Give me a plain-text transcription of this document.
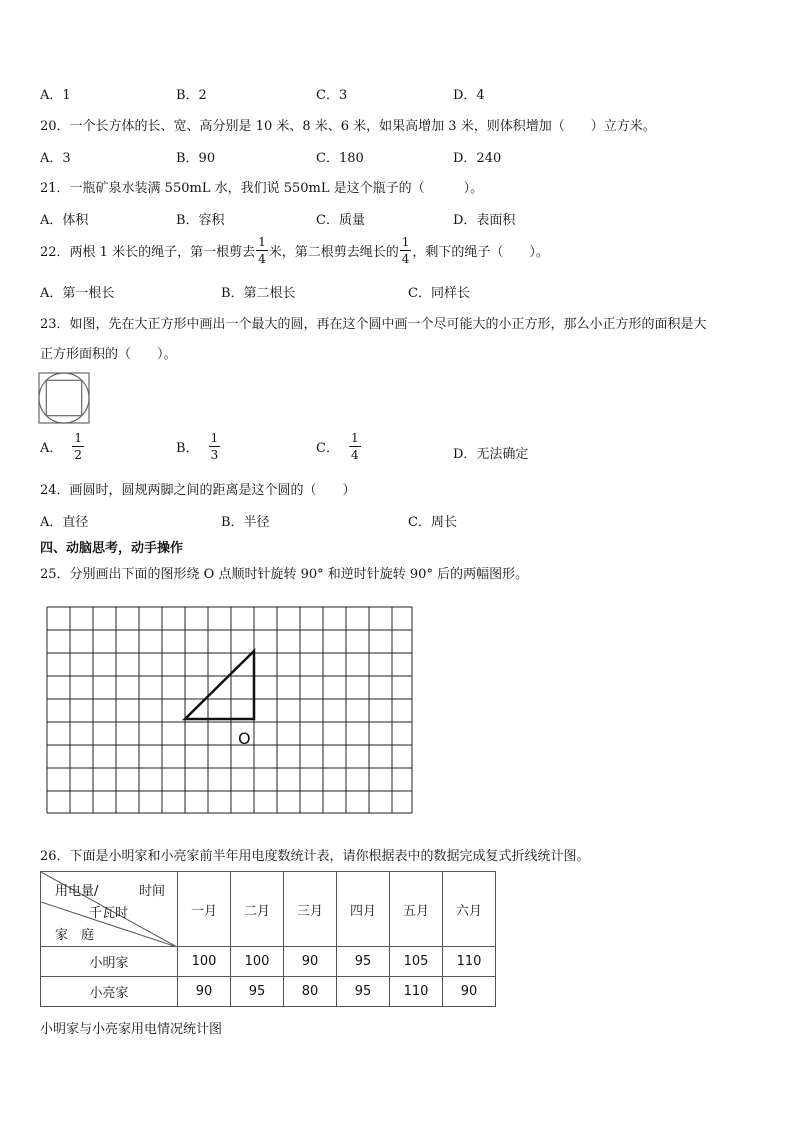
A．1	B．2	C．3	D．4
20．一个长方体的长、宽、高分别是 10 米、8 米、6 米，如果高增加 3 米，则体积增加（　　）立方米。
A．3	B．90	C．180	D．240
21．一瓶矿泉水装满 550mL 水，我们说 550mL 是这个瓶子的（　　　）。
A．体积	B．容积	C．质量	D．表面积
22．两根 1 米长的绳子，第一根剪去 $\frac{1}{4}$ 米，第二根剪去绳长的 $\frac{1}{4}$ ，剩下的绳子（　　）。
A．第一根长	B．第二根长	C．同样长
23．如图，先在大正方形中画出一个最大的圆，再在这个圆中画一个尽可能大的小正方形，那么小正方形的面积是大
正方形面积的（　　）。
A． $\frac{1}{2}$	B． $\frac{1}{3}$	C． $\frac{1}{4}$	D．无法确定
24．画圆时，圆规两脚之间的距离是这个圆的（　　）
A．直径	B．半径	C．周长
四、动脑思考，动手操作
25．分别画出下面的图形绕 O 点顺时针旋转 90° 和逆时针旋转 90° 后的两幅图形。
O
26．下面是小明家和小亮家前半年用电度数统计表，请你根据表中的数据完成复式折线统计图。
用电量/ 时间
千瓦时
家　庭	一月	二月	三月	四月	五月	六月
小明家	100	100	90	95	105	110
小亮家	90	95	80	95	110	90
小明家与小亮家用电情况统计图
